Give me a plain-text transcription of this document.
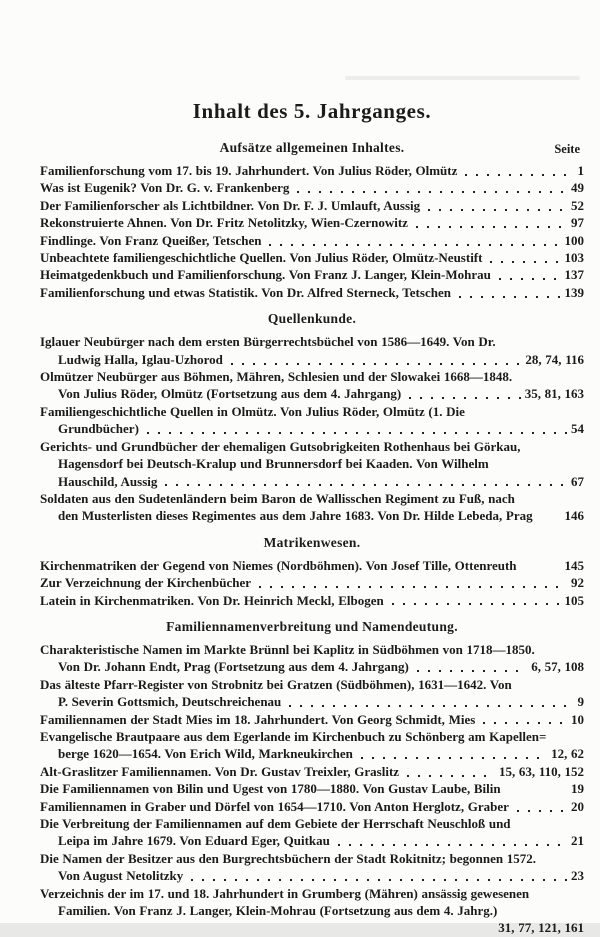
Inhalt des 5. Jahrganges.
Aufsätze allgemeinen Inhaltes.	Seite
Familienforschung vom 17. bis 19. Jahrhundert. Von Julius Röder, Olmütz	1
Was ist Eugenik? Von Dr. G. v. Frankenberg	49
Der Familienforscher als Lichtbildner. Von Dr. F. J. Umlauft, Aussig	52
Rekonstruierte Ahnen. Von Dr. Fritz Netolitzky, Wien-Czernowitz	97
Findlinge. Von Franz Queißer, Tetschen	100
Unbeachtete familiengeschichtliche Quellen. Von Julius Röder, Olmütz-Neustift	103
Heimatgedenkbuch und Familienforschung. Von Franz J. Langer, Klein-Mohrau	137
Familienforschung und etwas Statistik. Von Dr. Alfred Sterneck, Tetschen	139
Quellenkunde.
Iglauer Neubürger nach dem ersten Bürgerrechtsbüchel von 1586—1649. Von Dr.
Ludwig Halla, Iglau-Uzhorod	28, 74, 116
Olmützer Neubürger aus Böhmen, Mähren, Schlesien und der Slowakei 1668—1848.
Von Julius Röder, Olmütz (Fortsetzung aus dem 4. Jahrgang)	35, 81, 163
Familiengeschichtliche Quellen in Olmütz. Von Julius Röder, Olmütz (1. Die
Grundbücher)	54
Gerichts- und Grundbücher der ehemaligen Gutsobrigkeiten Rothenhaus bei Görkau,
Hagensdorf bei Deutsch-Kralup und Brunnersdorf bei Kaaden. Von Wilhelm
Hauschild, Aussig	67
Soldaten aus den Sudetenländern beim Baron de Wallisschen Regiment zu Fuß, nach
den Musterlisten dieses Regimentes aus dem Jahre 1683. Von Dr. Hilde Lebeda, Prag 146
Matrikenwesen.
Kirchenmatriken der Gegend von Niemes (Nordböhmen). Von Josef Tille, Ottenreuth	145
Zur Verzeichnung der Kirchenbücher	92
Latein in Kirchenmatriken. Von Dr. Heinrich Meckl, Elbogen	105
Familiennamenverbreitung und Namendeutung.
Charakteristische Namen im Markte Brünnl bei Kaplitz in Südböhmen von 1718—1850.
Von Dr. Johann Endt, Prag (Fortsetzung aus dem 4. Jahrgang)	6, 57, 108
Das älteste Pfarr-Register von Strobnitz bei Gratzen (Südböhmen), 1631—1642. Von
P. Severin Gottsmich, Deutschreichenau	9
Familiennamen der Stadt Mies im 18. Jahrhundert. Von Georg Schmidt, Mies	10
Evangelische Brautpaare aus dem Egerlande im Kirchenbuch zu Schönberg am Kapellen=
berge 1620—1654. Von Erich Wild, Markneukirchen	12, 62
Alt-Graslitzer Familiennamen. Von Dr. Gustav Treixler, Graslitz	15, 63, 110, 152
Die Familiennamen von Bilin und Ugest von 1780—1880. Von Gustav Laube, Bilin	19
Familiennamen in Graber und Dörfel von 1654—1710. Von Anton Herglotz, Graber	20
Die Verbreitung der Familiennamen auf dem Gebiete der Herrschaft Neuschloß und
Leipa im Jahre 1679. Von Eduard Eger, Quitkau	21
Die Namen der Besitzer aus den Burgrechtsbüchern der Stadt Rokitnitz; begonnen 1572.
Von August Netolitzky	23
Verzeichnis der im 17. und 18. Jahrhundert in Grumberg (Mähren) ansässig gewesenen
Familien. Von Franz J. Langer, Klein-Mohrau (Fortsetzung aus dem 4. Jahrg.)
31, 77, 121, 161
